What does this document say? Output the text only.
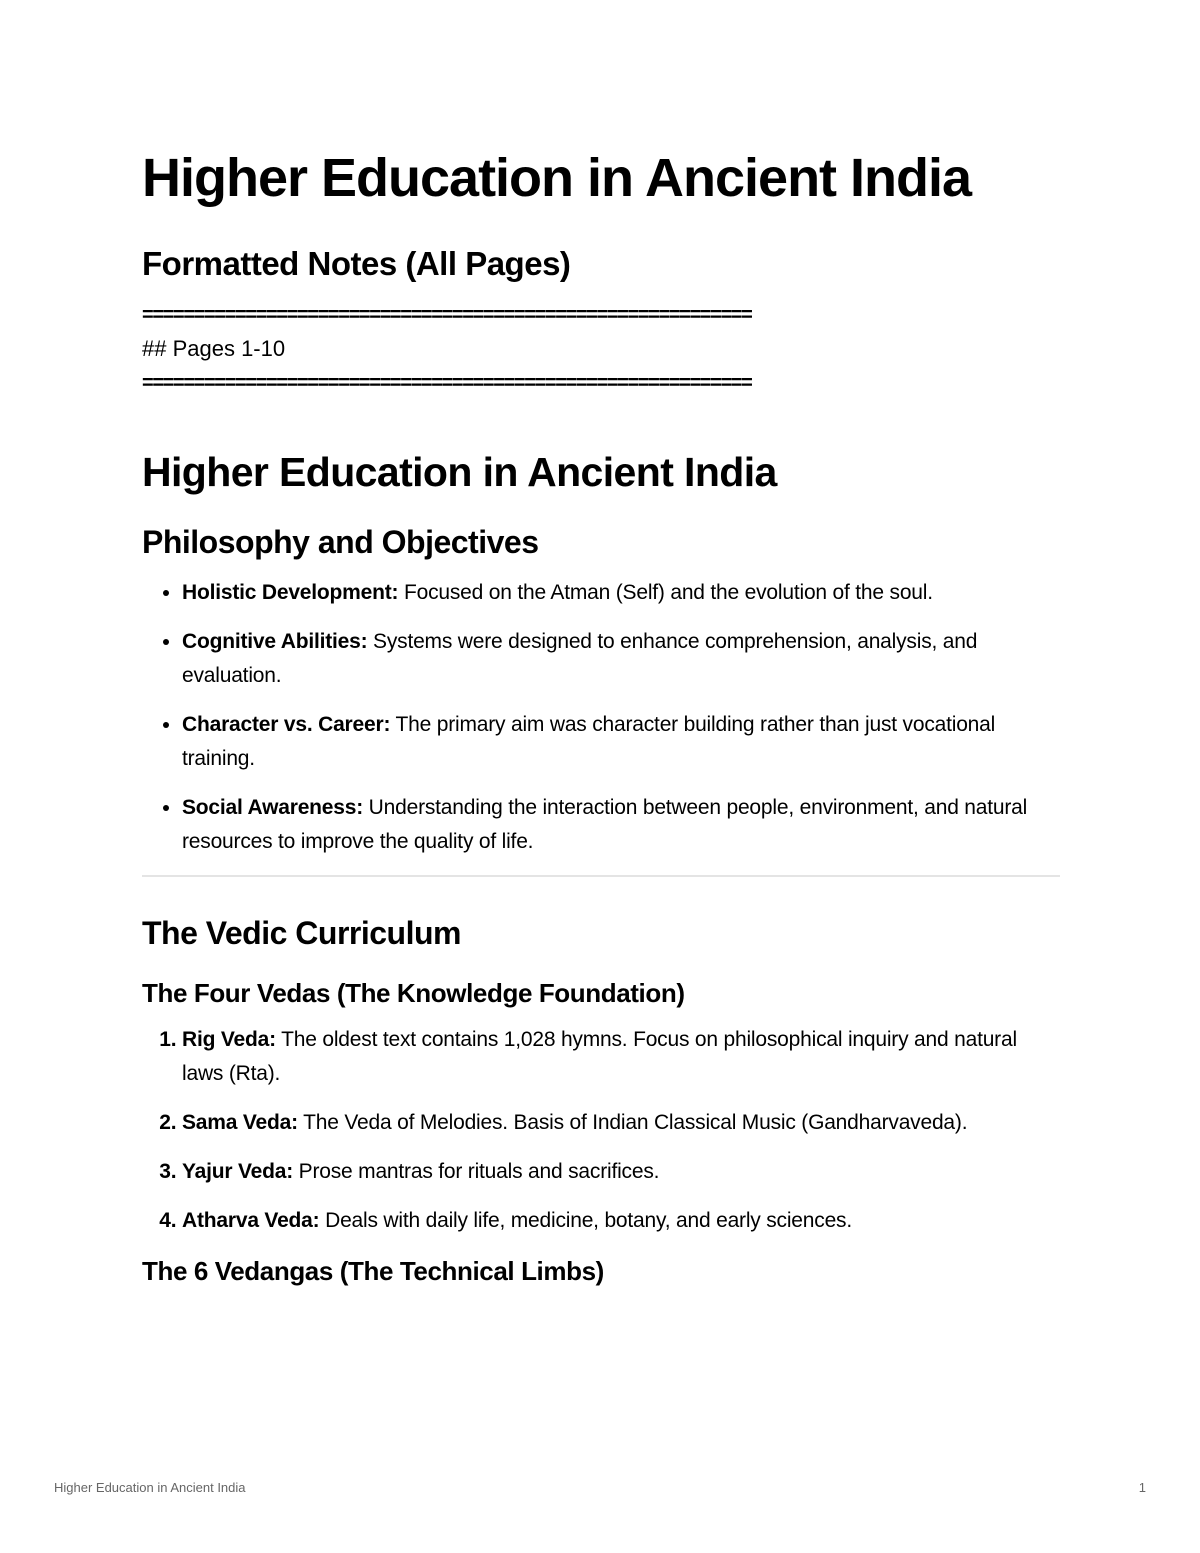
Higher Education in Ancient India
Formatted Notes (All Pages)
===========================================================
## Pages 1-10
===========================================================
Higher Education in Ancient India
Philosophy and Objectives
• Holistic Development: Focused on the Atman (Self) and the evolution of the soul.
• Cognitive Abilities: Systems were designed to enhance comprehension, analysis, and evaluation.
• Character vs. Career: The primary aim was character building rather than just vocational training.
• Social Awareness: Understanding the interaction between people, environment, and natural resources to improve the quality of life.
The Vedic Curriculum
The Four Vedas (The Knowledge Foundation)
1. Rig Veda: The oldest text contains 1,028 hymns. Focus on philosophical inquiry and natural laws (Rta).
2. Sama Veda: The Veda of Melodies. Basis of Indian Classical Music (Gandharvaveda).
3. Yajur Veda: Prose mantras for rituals and sacrifices.
4. Atharva Veda: Deals with daily life, medicine, botany, and early sciences.
The 6 Vedangas (The Technical Limbs)
Higher Education in Ancient India	1
